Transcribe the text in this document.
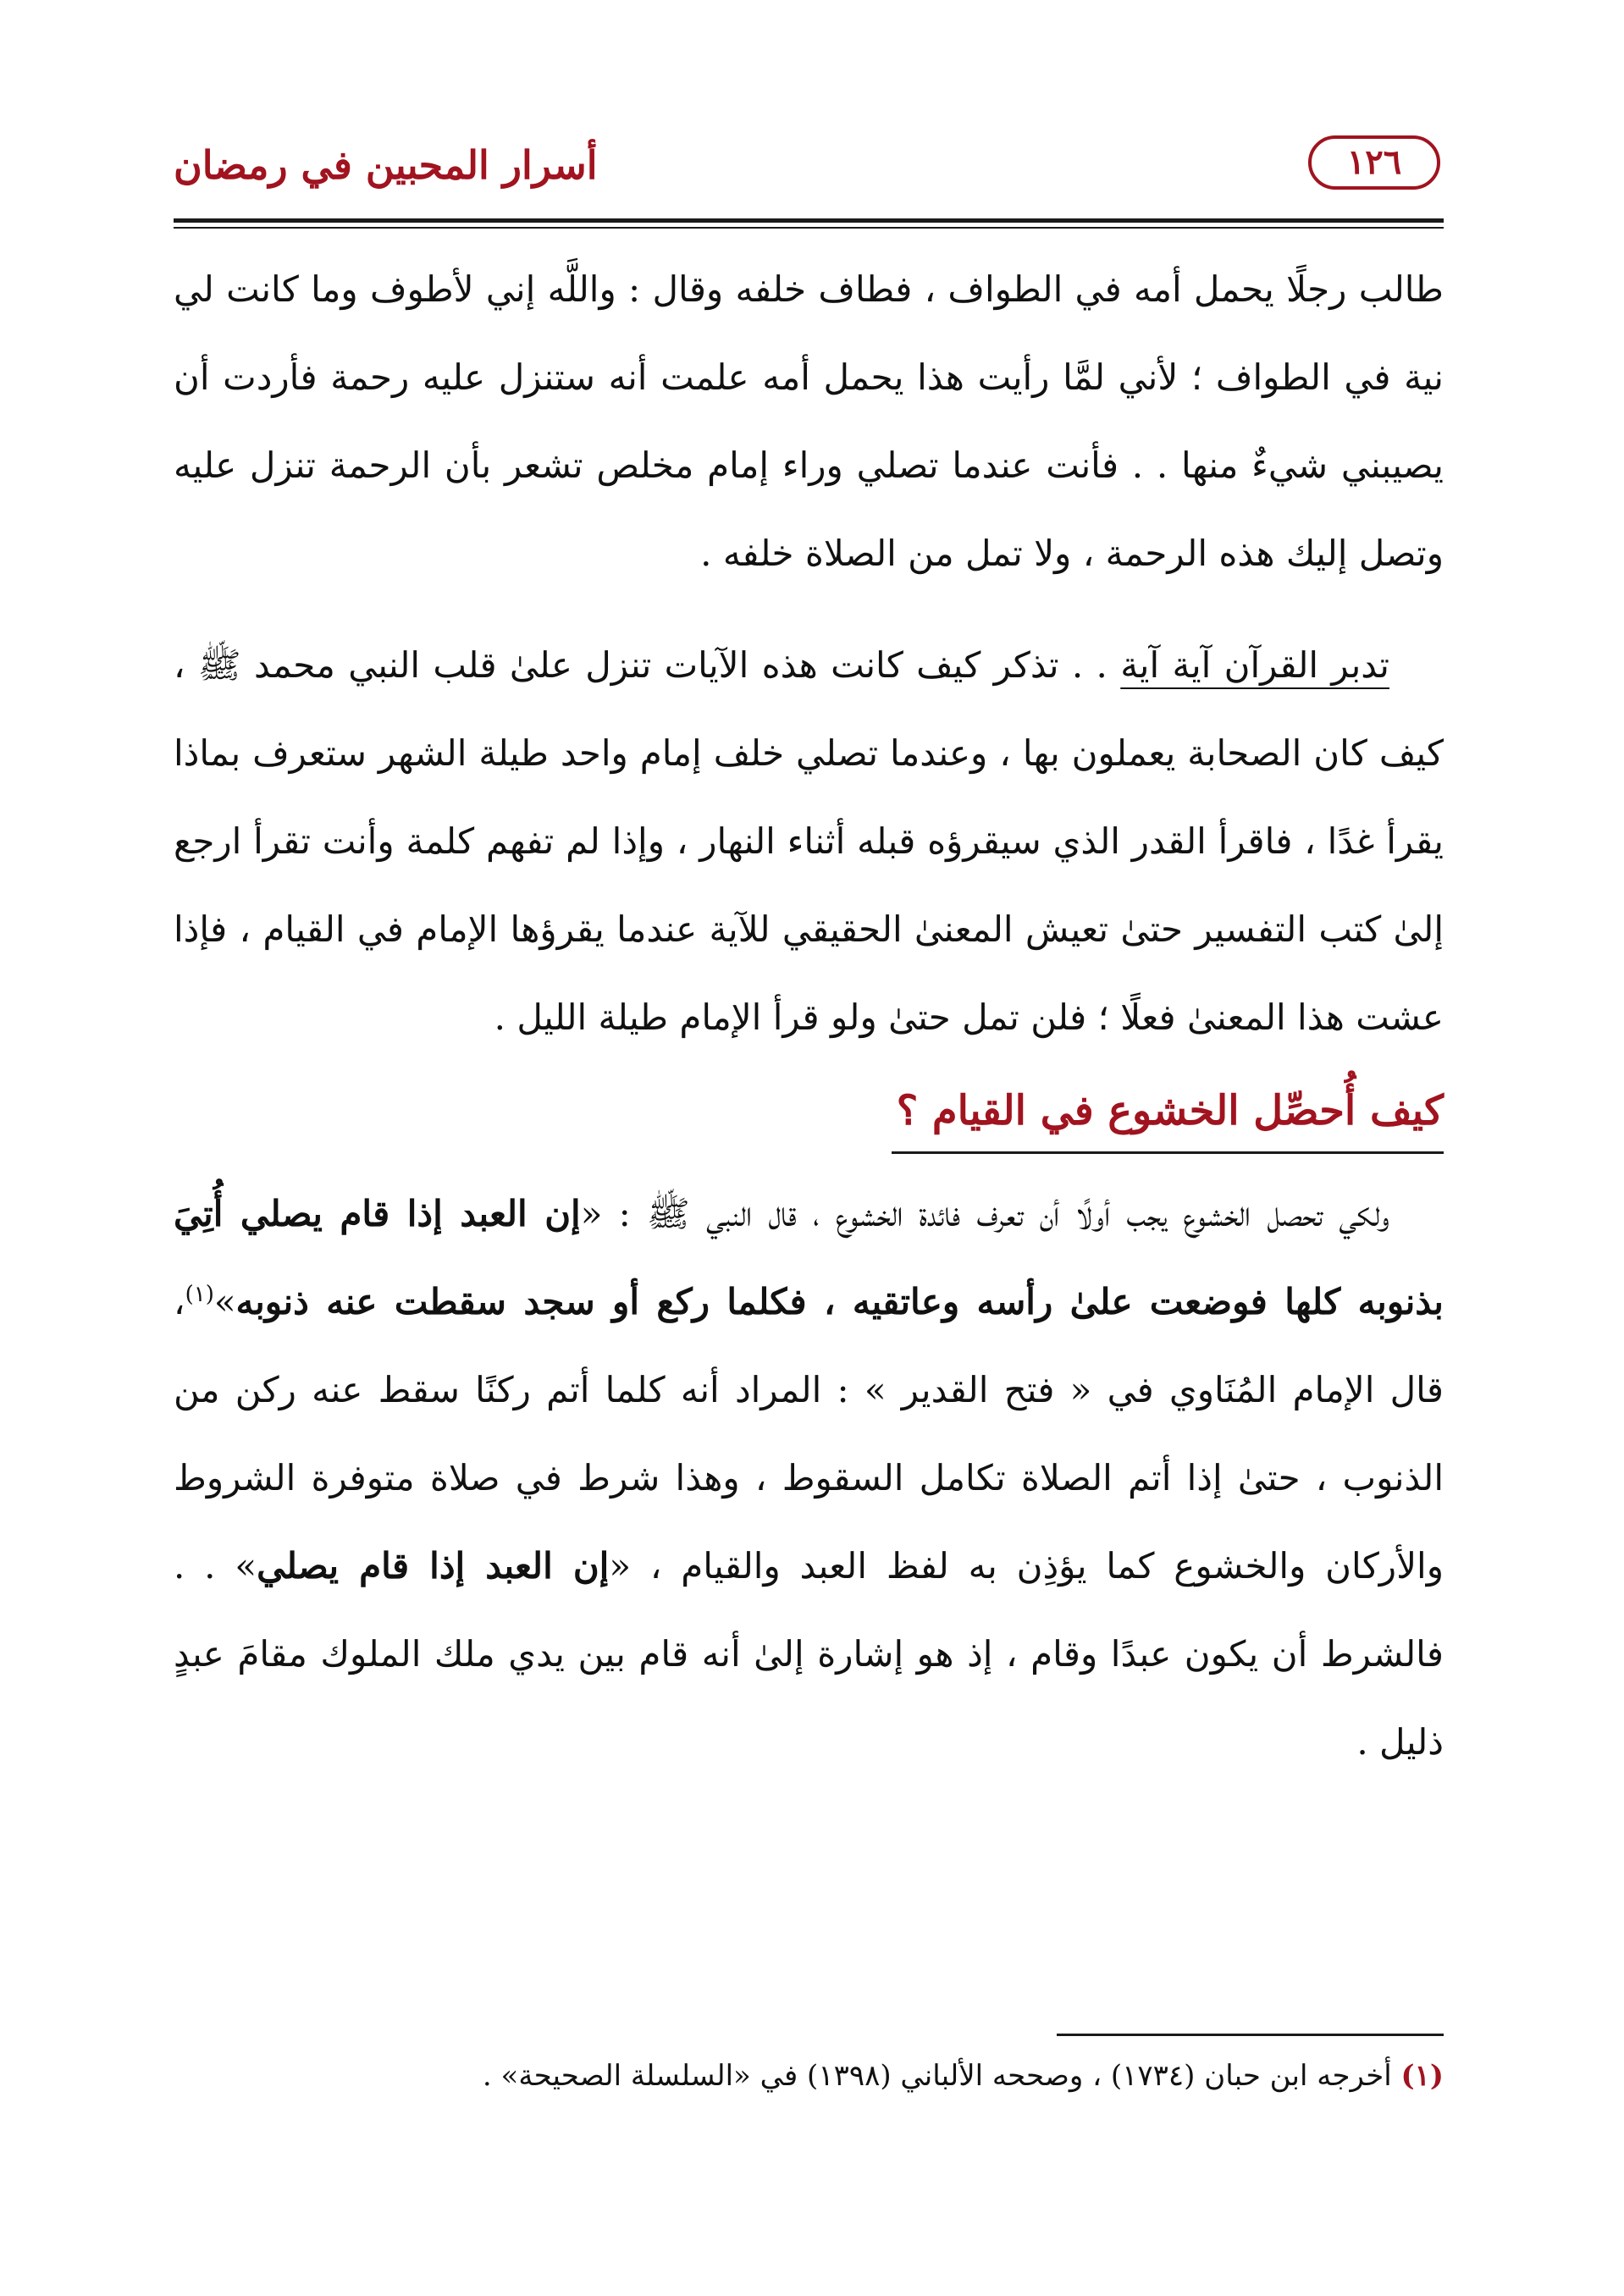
أسرار المحبين في رمضان	١٢٦

طالب رجلًا يحمل أمه في الطواف ، فطاف خلفه وقال : واللَّه إني لأطوف وما كانت لي نية في الطواف ؛ لأني لمَّا رأيت هذا يحمل أمه علمت أنه ستنزل عليه رحمة فأردت أن يصيبني شيءٌ منها . . فأنت عندما تصلي وراء إمام مخلص تشعر بأن الرحمة تنزل عليه وتصل إليك هذه الرحمة ، ولا تمل من الصلاة خلفه .

تدبر القرآن آية آية . . تذكر كيف كانت هذه الآيات تنزل علىٰ قلب النبي محمد ﷺ ، كيف كان الصحابة يعملون بها ، وعندما تصلي خلف إمام واحد طيلة الشهر ستعرف بماذا يقرأ غدًا ، فاقرأ القدر الذي سيقرؤه قبله أثناء النهار ، وإذا لم تفهم كلمة وأنت تقرأ ارجع إلىٰ كتب التفسير حتىٰ تعيش المعنىٰ الحقيقي للآية عندما يقرؤها الإمام في القيام ، فإذا عشت هذا المعنىٰ فعلًا ؛ فلن تمل حتىٰ ولو قرأ الإمام طيلة الليل .

كيف أُحصِّل الخشوع في القيام ؟

ولكي تحصل الخشوع يجب أولًا أن تعرف فائدة الخشوع ، قال النبي ﷺ : «إن العبد إذا قام يصلي أُتِيَ بذنوبه كلها فوضعت علىٰ رأسه وعاتقيه ، فكلما ركع أو سجد سقطت عنه ذنوبه»$^{(١)}$، قال الإمام المُنَاوي في « فتح القدير » : المراد أنه كلما أتم ركنًا سقط عنه ركن من الذنوب ، حتىٰ إذا أتم الصلاة تكامل السقوط ، وهذا شرط في صلاة متوفرة الشروط والأركان والخشوع كما يؤذِن به لفظ العبد والقيام ، «إن العبد إذا قام يصلي» . . فالشرط أن يكون عبدًا وقام ، إذ هو إشارة إلىٰ أنه قام بين يدي ملك الملوك مقامَ عبدٍ ذليل .

(١) أخرجه ابن حبان (١٧٣٤) ، وصححه الألباني (١٣٩٨) في «السلسلة الصحيحة» .
